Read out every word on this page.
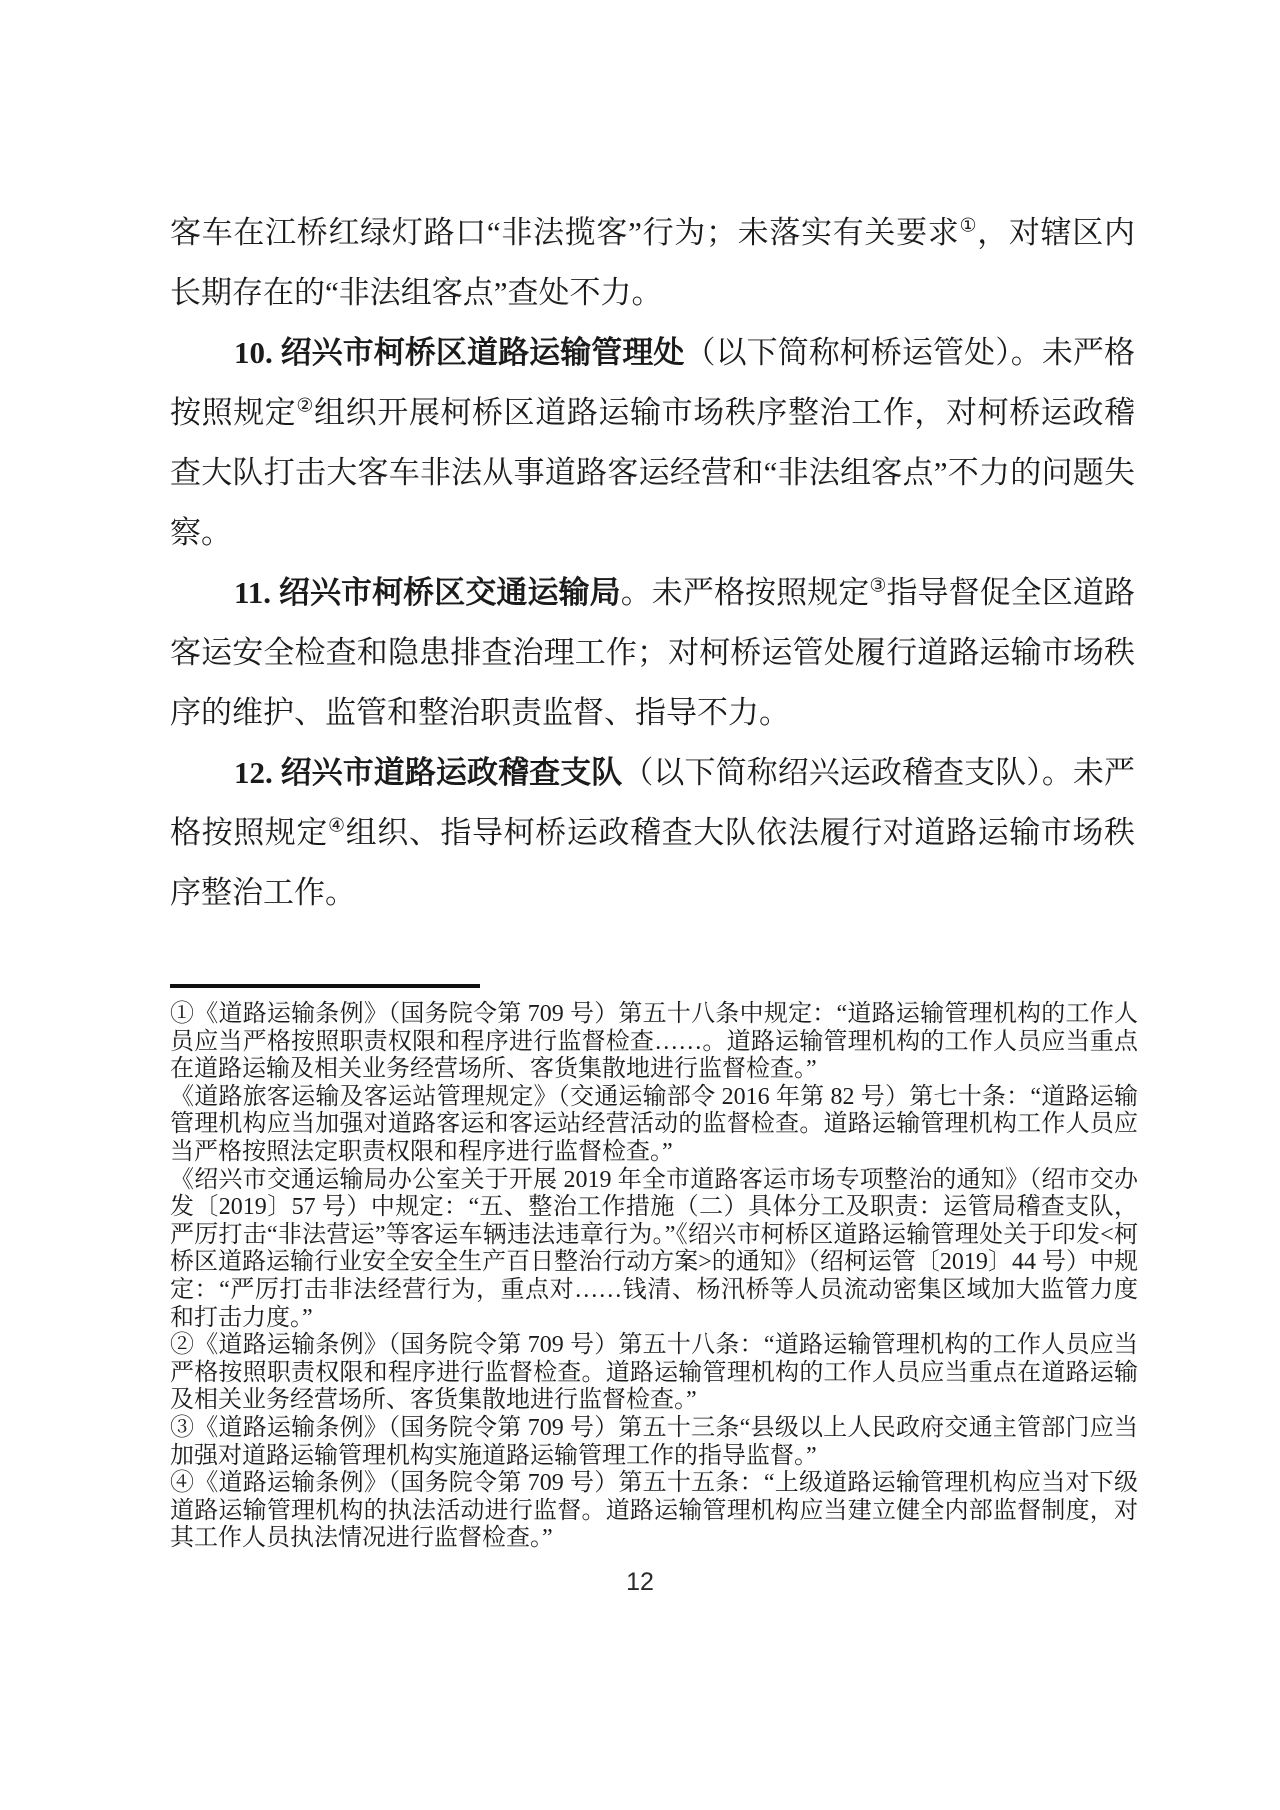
客车在江桥红绿灯路口“非法揽客”行为；未落实有关要求①，对辖区内长期存在的“非法组客点”查处不力。

10. 绍兴市柯桥区道路运输管理处（以下简称柯桥运管处）。未严格按照规定②组织开展柯桥区道路运输市场秩序整治工作，对柯桥运政稽查大队打击大客车非法从事道路客运经营和“非法组客点”不力的问题失察。

11. 绍兴市柯桥区交通运输局。未严格按照规定③指导督促全区道路客运安全检查和隐患排查治理工作；对柯桥运管处履行道路运输市场秩序的维护、监管和整治职责监督、指导不力。

12. 绍兴市道路运政稽查支队（以下简称绍兴运政稽查支队）。未严格按照规定④组织、指导柯桥运政稽查大队依法履行对道路运输市场秩序整治工作。

①《道路运输条例》（国务院令第 709 号）第五十八条中规定：“道路运输管理机构的工作人员应当严格按照职责权限和程序进行监督检查……。道路运输管理机构的工作人员应当重点在道路运输及相关业务经营场所、客货集散地进行监督检查。”

《道路旅客运输及客运站管理规定》（交通运输部令 2016 年第 82 号）第七十条：“道路运输管理机构应当加强对道路客运和客运站经营活动的监督检查。道路运输管理机构工作人员应当严格按照法定职责权限和程序进行监督检查。”

《绍兴市交通运输局办公室关于开展 2019 年全市道路客运市场专项整治的通知》（绍市交办发〔2019〕57 号）中规定：“五、整治工作措施（二）具体分工及职责：运管局稽查支队，严厉打击“非法营运”等客运车辆违法违章行为。”《绍兴市柯桥区道路运输管理处关于印发<柯桥区道路运输行业安全安全生产百日整治行动方案>的通知》（绍柯运管〔2019〕44 号）中规定：“严厉打击非法经营行为，重点对……钱清、杨汛桥等人员流动密集区域加大监管力度和打击力度。”

②《道路运输条例》（国务院令第 709 号）第五十八条：“道路运输管理机构的工作人员应当严格按照职责权限和程序进行监督检查。道路运输管理机构的工作人员应当重点在道路运输及相关业务经营场所、客货集散地进行监督检查。”

③《道路运输条例》（国务院令第 709 号）第五十三条“县级以上人民政府交通主管部门应当加强对道路运输管理机构实施道路运输管理工作的指导监督。”

④《道路运输条例》（国务院令第 709 号）第五十五条：“上级道路运输管理机构应当对下级道路运输管理机构的执法活动进行监督。道路运输管理机构应当建立健全内部监督制度，对其工作人员执法情况进行监督检查。”

12
